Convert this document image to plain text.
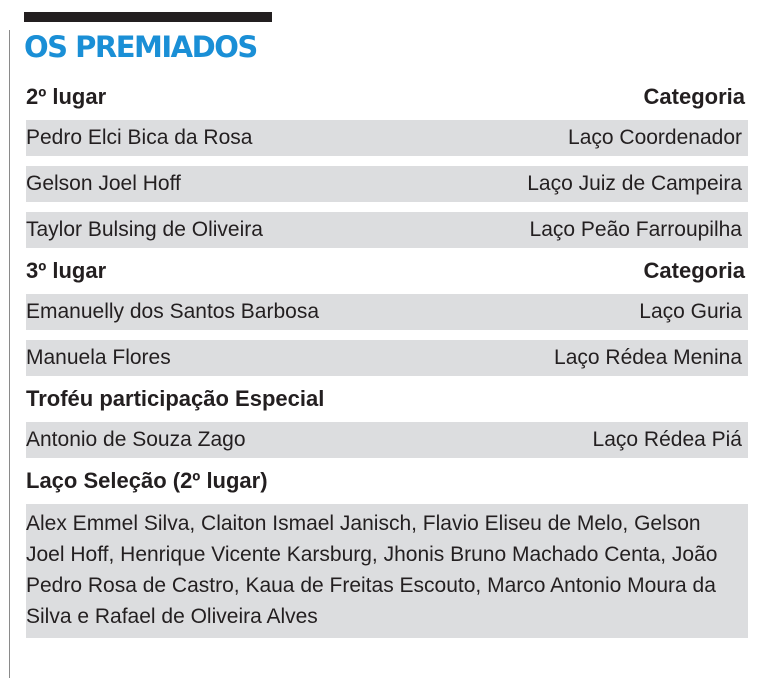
OS PREMIADOS
2º lugar	Categoria
Pedro Elci Bica da Rosa	Laço Coordenador
Gelson Joel Hoff	Laço Juiz de Campeira
Taylor Bulsing de Oliveira	Laço Peão Farroupilha
3º lugar	Categoria
Emanuelly dos Santos Barbosa	Laço Guria
Manuela Flores	Laço Rédea Menina
Troféu participação Especial
Antonio de Souza Zago	Laço Rédea Piá
Laço Seleção (2º lugar)
Alex Emmel Silva, Claiton Ismael Janisch, Flavio Eliseu de Melo, Gelson Joel Hoff, Henrique Vicente Karsburg, Jhonis Bruno Machado Centa, João Pedro Rosa de Castro, Kaua de Freitas Escouto, Marco Antonio Moura da Silva e Rafael de Oliveira Alves
